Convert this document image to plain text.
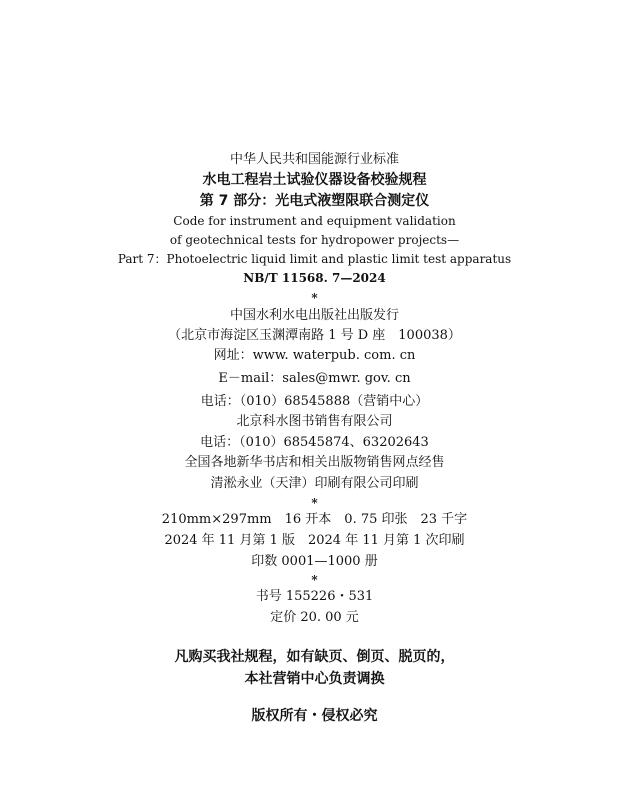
中华人民共和国能源行业标准
水电工程岩土试验仪器设备校验规程
第 7 部分：光电式液塑限联合测定仪
Code for instrument and equipment validation
of geotechnical tests for hydropower projects—
Part 7：Photoelectric liquid limit and plastic limit test apparatus
NB/T 11568. 7—2024
*
中国水利水电出版社出版发行
（北京市海淀区玉渊潭南路 1 号 D 座　100038）
网址：www. waterpub. com. cn
E－mail：sales@mwr. gov. cn
电话：（010）68545888（营销中心）
北京科水图书销售有限公司
电话：（010）68545874、63202643
全国各地新华书店和相关出版物销售网点经售
清淞永业（天津）印刷有限公司印刷
*
210mm×297mm　16 开本　0. 75 印张　23 千字
2024 年 11 月第 1 版　2024 年 11 月第 1 次印刷
印数 0001—1000 册
*
书号 155226・531
定价 20. 00 元
凡购买我社规程，如有缺页、倒页、脱页的，
本社营销中心负责调换
版权所有・侵权必究
